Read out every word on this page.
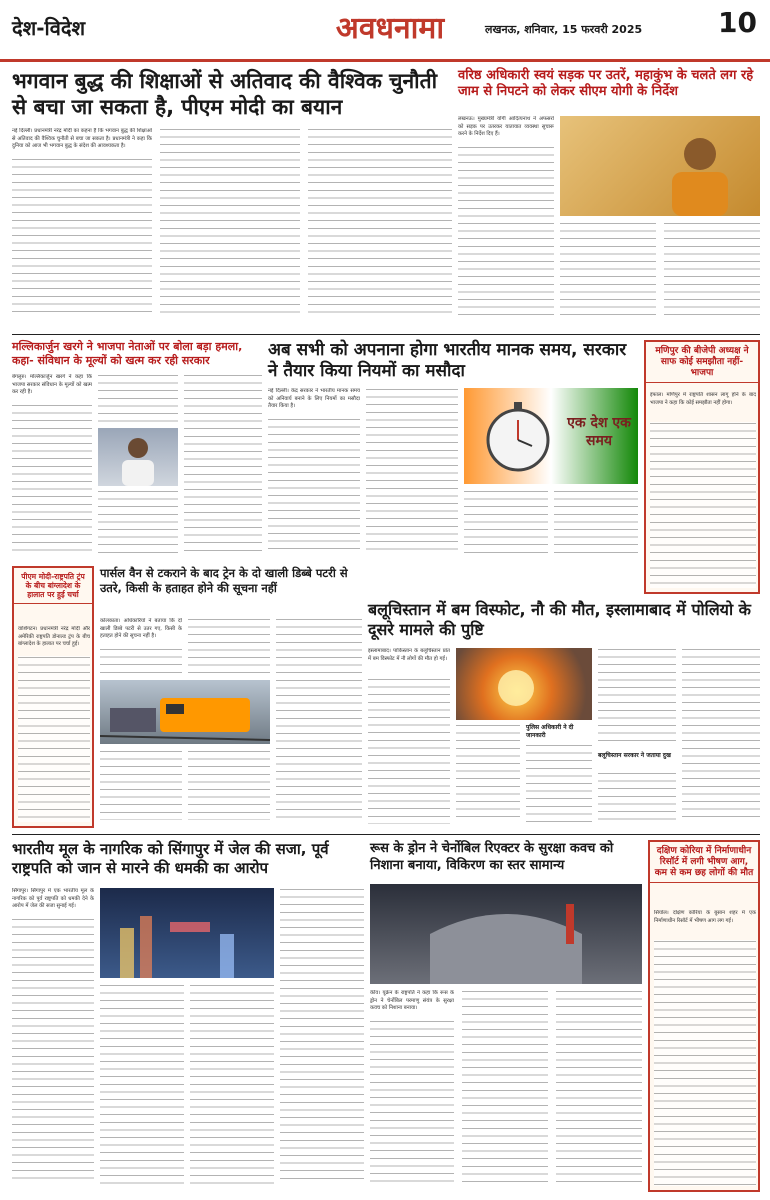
देश-विदेश	अवधनामा	लखनऊ, शनिवार, 15 फरवरी 2025	10
भगवान बुद्ध की शिक्षाओं से अतिवाद की वैश्विक चुनौती से बचा जा सकता है, पीएम मोदी का बयान
नई दिल्ली। प्रधानमंत्री नरेंद्र मोदी का कहना है कि भगवान बुद्ध की शिक्षाओं से अतिवाद की वैश्विक चुनौती से बचा जा सकता है। प्रधानमंत्री ने कहा कि दुनिया को आज भी भगवान बुद्ध के संदेश की आवश्यकता है।
वरिष्ठ अधिकारी स्वयं सड़क पर उतरें, महाकुंभ के चलते लग रहे जाम से निपटने को लेकर सीएम योगी के निर्देश
लखनऊ। मुख्यमंत्री योगी आदित्यनाथ ने अफसरों को सड़क पर उतरकर यातायात व्यवस्था सुचारू करने के निर्देश दिए हैं।
मल्लिकार्जुन खरगे ने भाजपा नेताओं पर बोला बड़ा हमला, कहा- संविधान के मूल्यों को खत्म कर रही सरकार
बेंगलुरु। मल्लिकार्जुन खरगे ने कहा कि भाजपा सरकार संविधान के मूल्यों को खत्म कर रही है।
अब सभी को अपनाना होगा भारतीय मानक समय, सरकार ने तैयार किया नियमों का मसौदा
नई दिल्ली। केंद्र सरकार ने भारतीय मानक समय को अनिवार्य बनाने के लिए नियमों का मसौदा तैयार किया है।
एक देश एक समय
मणिपुर की बीजेपी अध्यक्ष ने साफ कोई समझौता नहीं- भाजपा
इंफाल। मणिपुर में राष्ट्रपति शासन लागू होने के बाद भाजपा ने कहा कि कोई समझौता नहीं होगा।
पीएम मोदी-राष्ट्रपति ट्रंप के बीच बांग्लादेश के हालात पर हुई चर्चा
वाशिंगटन। प्रधानमंत्री नरेंद्र मोदी और अमेरिकी राष्ट्रपति डोनाल्ड ट्रंप के बीच बांग्लादेश के हालात पर चर्चा हुई।
पार्सल वैन से टकराने के बाद ट्रेन के दो खाली डिब्बे पटरी से उतरे, किसी के हताहत होने की सूचना नहीं
कोलकाता। अधिकारियों ने बताया कि दो खाली डिब्बे पटरी से उतर गए, किसी के हताहत होने की सूचना नहीं है।
बलूचिस्तान में बम विस्फोट, नौ की मौत, इस्लामाबाद में पोलियो के दूसरे मामले की पुष्टि
इस्लामाबाद। पाकिस्तान के बलूचिस्तान प्रांत में बम विस्फोट में नौ लोगों की मौत हो गई।
पुलिस अधिकारी ने दी जानकारी
बलूचिस्तान सरकार ने जताया दुख
भारतीय मूल के नागरिक को सिंगापुर में जेल की सजा, पूर्व राष्ट्रपति को जान से मारने की धमकी का आरोप
सिंगापुर। सिंगापुर में एक भारतीय मूल के नागरिक को पूर्व राष्ट्रपति को धमकी देने के आरोप में जेल की सजा सुनाई गई।
रूस के ड्रोन ने चेर्नोबिल रिएक्टर के सुरक्षा कवच को निशाना बनाया, विकिरण का स्तर सामान्य
कीव। यूक्रेन के राष्ट्रपति ने कहा कि रूस के ड्रोन ने चेर्नोबिल परमाणु संयंत्र के सुरक्षा कवच को निशाना बनाया।
दक्षिण कोरिया में निर्माणाधीन रिसॉर्ट में लगी भीषण आग, कम से कम छह लोगों की मौत
सियोल। दक्षिण कोरिया के बुसान शहर में एक निर्माणाधीन रिसॉर्ट में भीषण आग लग गई।
